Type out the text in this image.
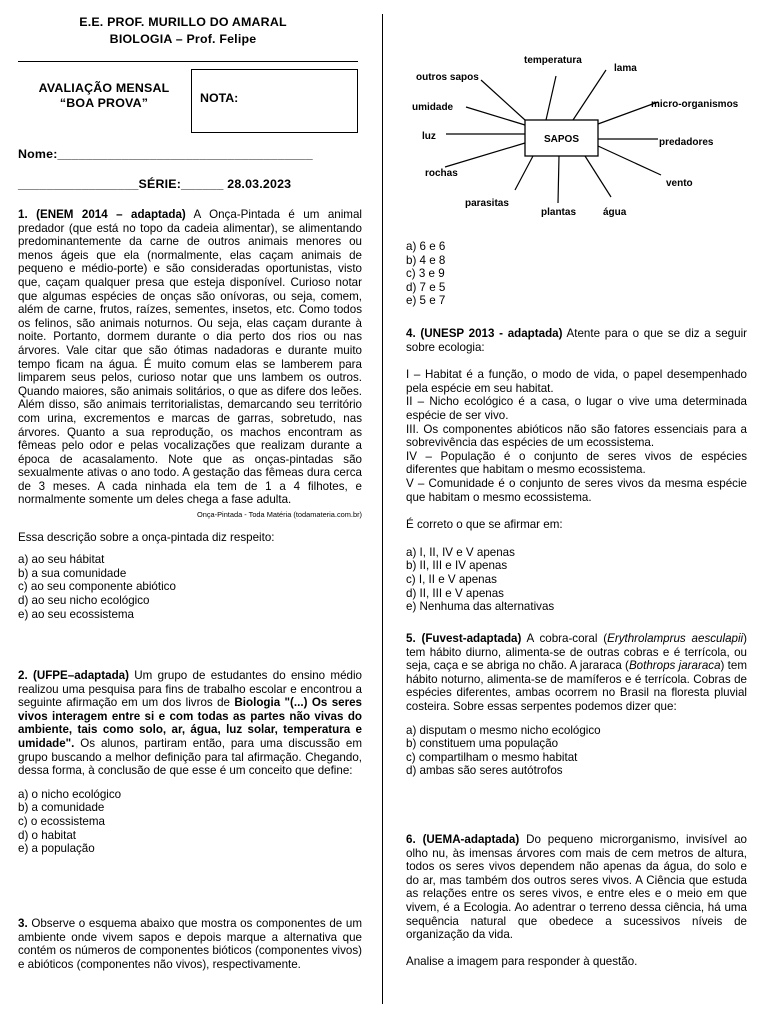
E.E. PROF. MURILLO DO AMARAL
BIOLOGIA – Prof. Felipe
AVALIAÇÃO MENSAL
“BOA PROVA”	NOTA:
Nome:____________________________________
_________________SÉRIE:______ 28.03.2023

1. (ENEM 2014 – adaptada) A Onça-Pintada é um animal predador (que está no topo da cadeia alimentar), se alimentando predominantemente da carne de outros animais menores ou menos ágeis que ela (normalmente, elas caçam animais de pequeno e médio-porte) e são consideradas oportunistas, visto que, caçam qualquer presa que esteja disponível. Curioso notar que algumas espécies de onças são onívoras, ou seja, comem, além de carne, frutos, raízes, sementes, insetos, etc. Como todos os felinos, são animais noturnos. Ou seja, elas caçam durante à noite. Portanto, dormem durante o dia perto dos rios ou nas árvores. Vale citar que são ótimas nadadoras e durante muito tempo ficam na água. É muito comum elas se lamberem para limparem seus pelos, curioso notar que uns lambem os outros. Quando maiores, são animais solitários, o que as difere dos leões. Além disso, são animais territorialistas, demarcando seu território com urina, excrementos e marcas de garras, sobretudo, nas árvores. Quanto a sua reprodução, os machos encontram as fêmeas pelo odor e pelas vocalizações que realizam durante a época de acasalamento. Note que as onças-pintadas são sexualmente ativas o ano todo. A gestação das fêmeas dura cerca de 3 meses. A cada ninhada ela tem de 1 a 4 filhotes, e normalmente somente um deles chega a fase adulta.

Onça-Pintada - Toda Matéria (todamateria.com.br)

Essa descrição sobre a onça-pintada diz respeito:

a) ao seu hábitat
b) a sua comunidade
c) ao seu componente abiótico
d) ao seu nicho ecológico
e) ao seu ecossistema

2. (UFPE–adaptada) Um grupo de estudantes do ensino médio realizou uma pesquisa para fins de trabalho escolar e encontrou a seguinte afirmação em um dos livros de Biologia "(...) Os seres vivos interagem entre si e com todas as partes não vivas do ambiente, tais como solo, ar, água, luz solar, temperatura e umidade". Os alunos, partiram então, para uma discussão em grupo buscando a melhor definição para tal afirmação. Chegando, dessa forma, à conclusão de que esse é um conceito que define:

a) o nicho ecológico
b) a comunidade
c) o ecossistema
d) o habitat
e) a população

3. Observe o esquema abaixo que mostra os componentes de um ambiente onde vivem sapos e depois marque a alternativa que contém os números de componentes bióticos (componentes vivos) e abióticos (componentes não vivos), respectivamente.

SAPOS
temperatura
lama
outros sapos
umidade	micro-organismos
luz
predadores
rochas
vento
parasitas
plantas	água
a) 6 e 6
b) 4 e 8
c) 3 e 9
d) 7 e 5
e) 5 e 7

4. (UNESP 2013 - adaptada) Atente para o que se diz a seguir sobre ecologia:

I – Habitat é a função, o modo de vida, o papel desempenhado pela espécie em seu habitat.

II – Nicho ecológico é a casa, o lugar o vive uma determinada espécie de ser vivo.

III. Os componentes abióticos não são fatores essenciais para a sobrevivência das espécies de um ecossistema.

IV – População é o conjunto de seres vivos de espécies diferentes que habitam o mesmo ecossistema.

V – Comunidade é o conjunto de seres vivos da mesma espécie que habitam o mesmo ecossistema.

É correto o que se afirmar em:

a) I, II, IV e V apenas
b) II, III e IV apenas
c) I, II e V apenas
d) II, III e V apenas
e) Nenhuma das alternativas

5. (Fuvest-adaptada) A cobra-coral (Erythrolamprus aesculapii) tem hábito diurno, alimenta-se de outras cobras e é terrícola, ou seja, caça e se abriga no chão. A jararaca (Bothrops jararaca) tem hábito noturno, alimenta-se de mamíferos e é terrícola. Cobras de espécies diferentes, ambas ocorrem no Brasil na floresta pluvial costeira. Sobre essas serpentes podemos dizer que:

a) disputam o mesmo nicho ecológico
b) constituem uma população
c) compartilham o mesmo habitat
d) ambas são seres autótrofos

6. (UEMA-adaptada) Do pequeno microrganismo, invisível ao olho nu, às imensas árvores com mais de cem metros de altura, todos os seres vivos dependem não apenas da água, do solo e do ar, mas também dos outros seres vivos. A Ciência que estuda as relações entre os seres vivos, e entre eles e o meio em que vivem, é a Ecologia. Ao adentrar o terreno dessa ciência, há uma sequência natural que obedece a sucessivos níveis de organização da vida.

Analise a imagem para responder à questão.
